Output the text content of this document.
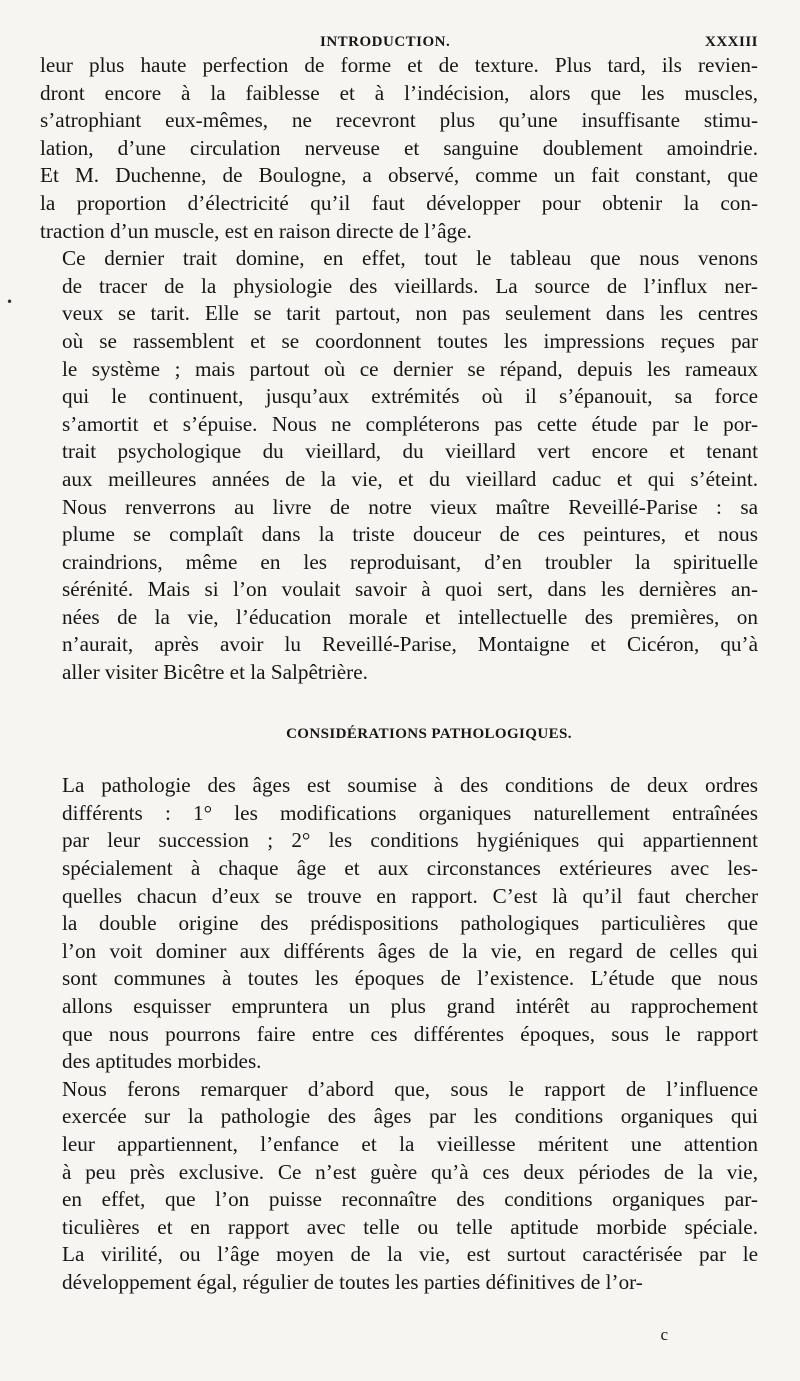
INTRODUCTION.	XXXIII
•

leur plus haute perfection de forme et de texture. Plus tard, ils revien-
dront encore à la faiblesse et à l’indécision, alors que les muscles,
s’atrophiant eux-mêmes, ne recevront plus qu’une insuffisante stimu-
lation, d’une circulation nerveuse et sanguine doublement amoindrie.
Et M. Duchenne, de Boulogne, a observé, comme un fait constant, que
la proportion d’électricité qu’il faut développer pour obtenir la con-
traction d’un muscle, est en raison directe de l’âge.

Ce dernier trait domine, en effet, tout le tableau que nous venons
de tracer de la physiologie des vieillards. La source de l’influx ner-
veux se tarit. Elle se tarit partout, non pas seulement dans les centres
où se rassemblent et se coordonnent toutes les impressions reçues par
le système ; mais partout où ce dernier se répand, depuis les rameaux
qui le continuent, jusqu’aux extrémités où il s’épanouit, sa force
s’amortit et s’épuise. Nous ne compléterons pas cette étude par le por-
trait psychologique du vieillard, du vieillard vert encore et tenant
aux meilleures années de la vie, et du vieillard caduc et qui s’éteint.
Nous renverrons au livre de notre vieux maître Reveillé-Parise : sa
plume se complaît dans la triste douceur de ces peintures, et nous
craindrions, même en les reproduisant, d’en troubler la spirituelle
sérénité. Mais si l’on voulait savoir à quoi sert, dans les dernières an-
nées de la vie, l’éducation morale et intellectuelle des premières, on
n’aurait, après avoir lu Reveillé-Parise, Montaigne et Cicéron, qu’à
aller visiter Bicêtre et la Salpêtrière.

CONSIDÉRATIONS PATHOLOGIQUES.

La pathologie des âges est soumise à des conditions de deux ordres
différents : 1° les modifications organiques naturellement entraînées
par leur succession ; 2° les conditions hygiéniques qui appartiennent
spécialement à chaque âge et aux circonstances extérieures avec les-
quelles chacun d’eux se trouve en rapport. C’est là qu’il faut chercher
la double origine des prédispositions pathologiques particulières que
l’on voit dominer aux différents âges de la vie, en regard de celles qui
sont communes à toutes les époques de l’existence. L’étude que nous
allons esquisser empruntera un plus grand intérêt au rapprochement
que nous pourrons faire entre ces différentes époques, sous le rapport
des aptitudes morbides.

Nous ferons remarquer d’abord que, sous le rapport de l’influence
exercée sur la pathologie des âges par les conditions organiques qui
leur appartiennent, l’enfance et la vieillesse méritent une attention
à peu près exclusive. Ce n’est guère qu’à ces deux périodes de la vie,
en effet, que l’on puisse reconnaître des conditions organiques par-
ticulières et en rapport avec telle ou telle aptitude morbide spéciale.
La virilité, ou l’âge moyen de la vie, est surtout caractérisée par le
développement égal, régulier de toutes les parties définitives de l’or-

c
